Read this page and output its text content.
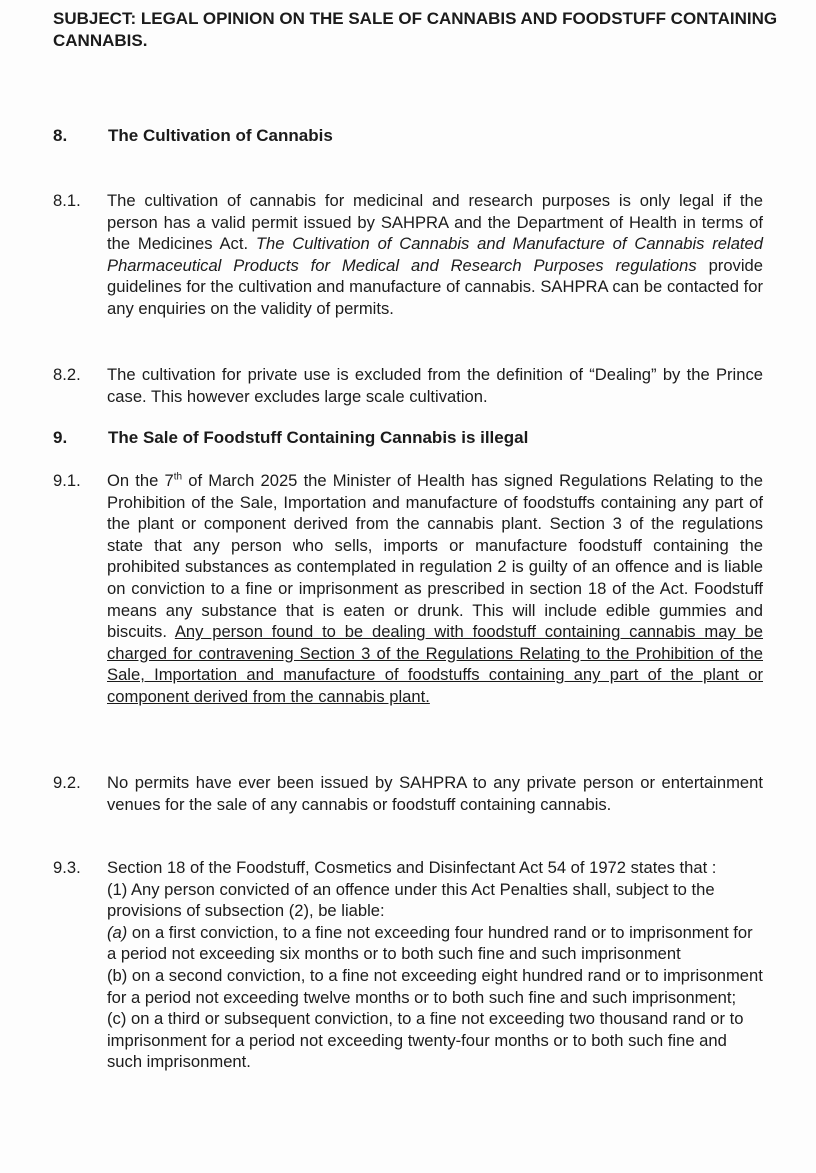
SUBJECT: LEGAL OPINION ON THE SALE OF CANNABIS AND FOODSTUFF CONTAINING CANNABIS.
8.	The Cultivation of Cannabis
8.1.	The cultivation of cannabis for medicinal and research purposes is only legal if the person has a valid permit issued by SAHPRA and the Department of Health in terms of the Medicines Act. The Cultivation of Cannabis and Manufacture of Cannabis related Pharmaceutical Products for Medical and Research Purposes regulations provide guidelines for the cultivation and manufacture of cannabis. SAHPRA can be contacted for any enquiries on the validity of permits.
8.2.	The cultivation for private use is excluded from the definition of “Dealing” by the Prince case. This however excludes large scale cultivation.
9.	The Sale of Foodstuff Containing Cannabis is illegal
9.1.	On the 7th of March 2025 the Minister of Health has signed Regulations Relating to the Prohibition of the Sale, Importation and manufacture of foodstuffs containing any part of the plant or component derived from the cannabis plant. Section 3 of the regulations state that any person who sells, imports or manufacture foodstuff containing the prohibited substances as contemplated in regulation 2 is guilty of an offence and is liable on conviction to a fine or imprisonment as prescribed in section 18 of the Act. Foodstuff means any substance that is eaten or drunk. This will include edible gummies and biscuits. Any person found to be dealing with foodstuff containing cannabis may be charged for contravening Section 3 of the Regulations Relating to the Prohibition of the Sale, Importation and manufacture of foodstuffs containing any part of the plant or component derived from the cannabis plant.
9.2.	No permits have ever been issued by SAHPRA to any private person or entertainment venues for the sale of any cannabis or foodstuff containing cannabis.
9.3.	Section 18 of the Foodstuff, Cosmetics and Disinfectant Act 54 of 1972 states that :

(1) Any person convicted of an offence under this Act Penalties shall, subject to the provisions of subsection (2), be liable:

(a) on a first conviction, to a fine not exceeding four hundred rand or to imprisonment for a period not exceeding six months or to both such fine and such imprisonment

(b) on a second conviction, to a fine not exceeding eight hundred rand or to imprisonment for a period not exceeding twelve months or to both such fine and such imprisonment;

(c) on a third or subsequent conviction, to a fine not exceeding two thousand rand or to imprisonment for a period not exceeding twenty-four months or to both such fine and such imprisonment.
